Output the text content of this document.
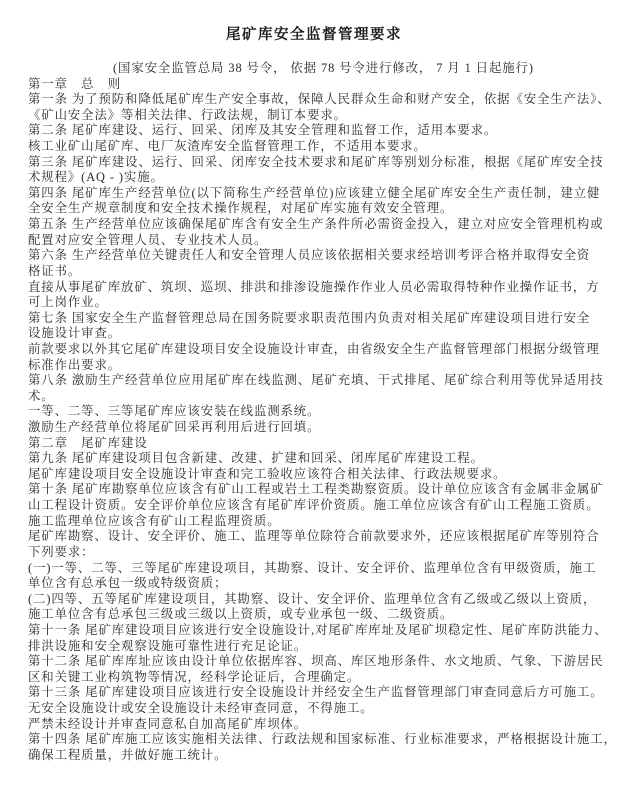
尾矿库安全监督管理要求
(国家安全监管总局 38 号令， 依据 78 号令进行修改， 7 月 1 日起施行)
第一章　总　则
第一条 为了预防和降低尾矿库生产安全事故，保障人民群众生命和财产安全，依据《安全生产法》、
《矿山安全法》等相关法律、行政法规，制订本要求。
第二条 尾矿库建设、运行、回采、闭库及其安全管理和监督工作，适用本要求。
核工业矿山尾矿库、电厂灰渣库安全监督管理工作，不适用本要求。
第三条 尾矿库建设、运行、回采、闭库安全技术要求和尾矿库等别划分标准，根据《尾矿库安全技
术规程》(AQ - )实施。
第四条 尾矿库生产经营单位(以下简称生产经营单位)应该建立健全尾矿库安全生产责任制，建立健
全安全生产规章制度和安全技术操作规程，对尾矿库实施有效安全管理。
第五条 生产经营单位应该确保尾矿库含有安全生产条件所必需资金投入，建立对应安全管理机构或
配置对应安全管理人员、专业技术人员。
第六条 生产经营单位关键责任人和安全管理人员应该依据相关要求经培训考评合格并取得安全资
格证书。
直接从事尾矿库放矿、筑坝、巡坝、排洪和排渗设施操作作业人员必需取得特种作业操作证书，方
可上岗作业。
第七条 国家安全生产监督管理总局在国务院要求职责范围内负责对相关尾矿库建设项目进行安全
设施设计审查。
前款要求以外其它尾矿库建设项目安全设施设计审查，由省级安全生产监督管理部门根据分级管理
标准作出要求。
第八条 激励生产经营单位应用尾矿库在线监测、尾矿充填、干式排尾、尾矿综合利用等优异适用技
术。
一等、二等、三等尾矿库应该安装在线监测系统。
激励生产经营单位将尾矿回采再利用后进行回填。
第二章　尾矿库建设
第九条 尾矿库建设项目包含新建、改建、扩建和回采、闭库尾矿库建设工程。
尾矿库建设项目安全设施设计审查和完工验收应该符合相关法律、行政法规要求。
第十条 尾矿库勘察单位应该含有矿山工程或岩土工程类勘察资质。设计单位应该含有金属非金属矿
山工程设计资质。安全评价单位应该含有尾矿库评价资质。施工单位应该含有矿山工程施工资质。
施工监理单位应该含有矿山工程监理资质。
尾矿库勘察、设计、安全评价、施工、监理等单位除符合前款要求外，还应该根据尾矿库等别符合
下列要求：
(一)一等、二等、三等尾矿库建设项目，其勘察、设计、安全评价、监理单位含有甲级资质，施工
单位含有总承包一级或特级资质；
(二)四等、五等尾矿库建设项目，其勘察、设计、安全评价、监理单位含有乙级或乙级以上资质，
施工单位含有总承包三级或三级以上资质，或专业承包一级、二级资质。
第十一条 尾矿库建设项目应该进行安全设施设计,对尾矿库库址及尾矿坝稳定性、尾矿库防洪能力、
排洪设施和安全观察设施可靠性进行充足论证。
第十二条 尾矿库库址应该由设计单位依据库容、坝高、库区地形条件、水文地质、气象、下游居民
区和关键工业构筑物等情况，经科学论证后，合理确定。
第十三条 尾矿库建设项目应该进行安全设施设计并经安全生产监督管理部门审查同意后方可施工。
无安全设施设计或安全设施设计未经审查同意，不得施工。
严禁未经设计并审查同意私自加高尾矿库坝体。
第十四条 尾矿库施工应该实施相关法律、行政法规和国家标准、行业标准要求，严格根据设计施工，
确保工程质量，并做好施工统计。
